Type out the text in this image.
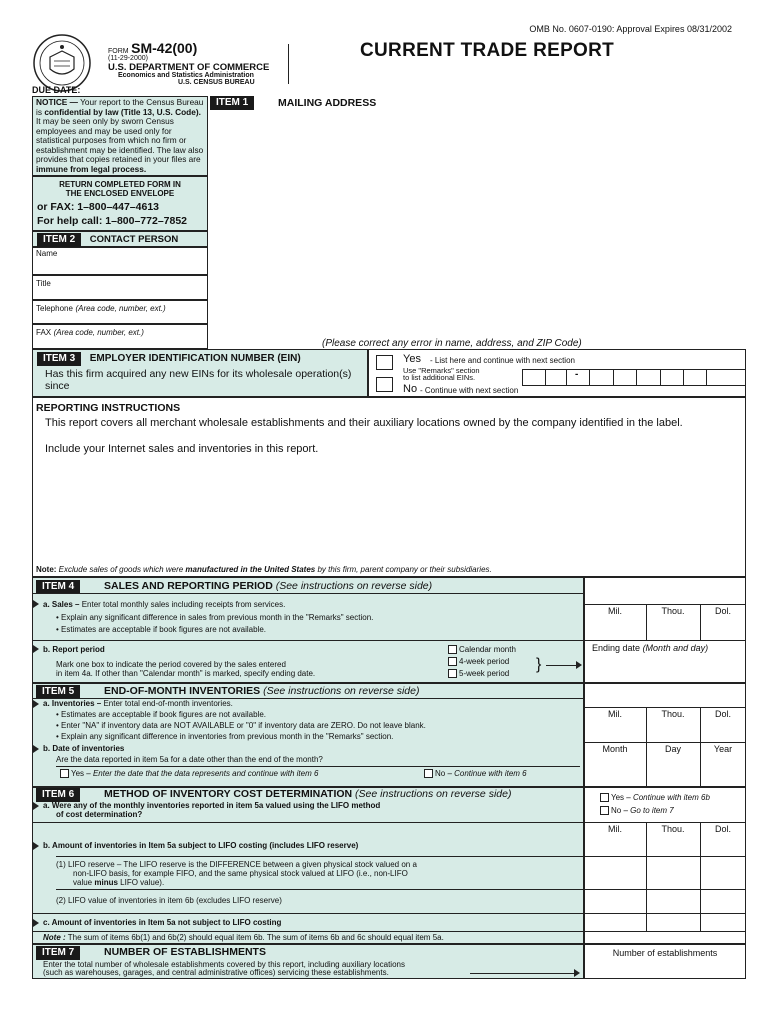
OMB No. 0607-0190: Approval Expires 08/31/2002
FORM SM-42(00)
(11-29-2000)
U.S. DEPARTMENT OF COMMERCE
Economics and Statistics Administration
U.S. CENSUS BUREAU
CURRENT TRADE REPORT
DUE DATE:
NOTICE — Your report to the Census Bureau is confidential by law (Title 13, U.S. Code). It may be seen only by sworn Census employees and may be used only for statistical purposes from which no firm or establishment may be identified. The law also provides that copies retained in your files are immune from legal process.
RETURN COMPLETED FORM IN
THE ENCLOSED ENVELOPE
or FAX: 1–800–447–4613
For help call: 1–800–772–7852
ITEM 1	MAILING ADDRESS
ITEM 2 CONTACT PERSON
Name
Title
Telephone (Area code, number, ext.)
FAX (Area code, number, ext.)
(Please correct any error in name, address, and ZIP Code)
ITEM 3 EMPLOYER IDENTIFICATION NUMBER (EIN)
Has this firm acquired any new EINs for its wholesale operation(s) since
Yes - List here and continue with next section
Use "Remarks" section
to list additional EINs.	-
No - Continue with next section
REPORTING INSTRUCTIONS
This report covers all merchant wholesale establishments and their auxiliary locations owned by the company identified in the label.
Include your Internet sales and inventories in this report.
Note: Exclude sales of goods which were manufactured in the United States by this firm, parent company or their subsidiaries.
ITEM 4	SALES AND REPORTING PERIOD (See instructions on reverse side)
a. Sales – Enter total monthly sales including receipts from services.
• Explain any significant difference in sales from previous month in the "Remarks" section.
• Estimates are acceptable if book figures are not available.
b. Report period
Mark one box to indicate the period covered by the sales entered
in item 4a. If other than "Calendar month" is marked, specify ending date.
Calendar month
4-week period
5-week period
}
Mil.	Thou.	Dol.
Ending date (Month and day)
ITEM 5	END-OF-MONTH INVENTORIES (See instructions on reverse side)
a. Inventories – Enter total end-of-month inventories.
• Estimates are acceptable if book figures are not available.
• Enter "NA" if inventory data are NOT AVAILABLE or "0" if inventory data are ZERO. Do not leave blank.
• Explain any significant difference in inventories from previous month in the "Remarks" section.
b. Date of inventories
Are the data reported in item 5a for a date other than the end of the month?
Yes – Enter the date that the data represents and continue with item 6	No – Continue with item 6
Mil.	Thou.	Dol.
Month	Day	Year
ITEM 6	METHOD OF INVENTORY COST DETERMINATION (See instructions on reverse side)
a. Were any of the monthly inventories reported in item 5a valued using the LIFO method
of cost determination?
b. Amount of inventories in Item 5a subject to LIFO costing (includes LIFO reserve)
(1) LIFO reserve – The LIFO reserve is the DIFFERENCE between a given physical stock valued on a
non-LIFO basis, for example FIFO, and the same physical stock valued at LIFO (i.e., non-LIFO
value minus LIFO value).
(2) LIFO value of inventories in item 6b (excludes LIFO reserve)
c. Amount of inventories in Item 5a not subject to LIFO costing
Note : The sum of items 6b(1) and 6b(2) should equal item 6b. The sum of items 6b and 6c should equal item 5a.
Yes – Continue with item 6b
No – Go to item 7
Mil.	Thou.	Dol.
ITEM 7	NUMBER OF ESTABLISHMENTS
Enter the total number of wholesale establishments covered by this report, including auxiliary locations
(such as warehouses, garages, and central administrative offices) servicing these establishments.
Number of establishments
